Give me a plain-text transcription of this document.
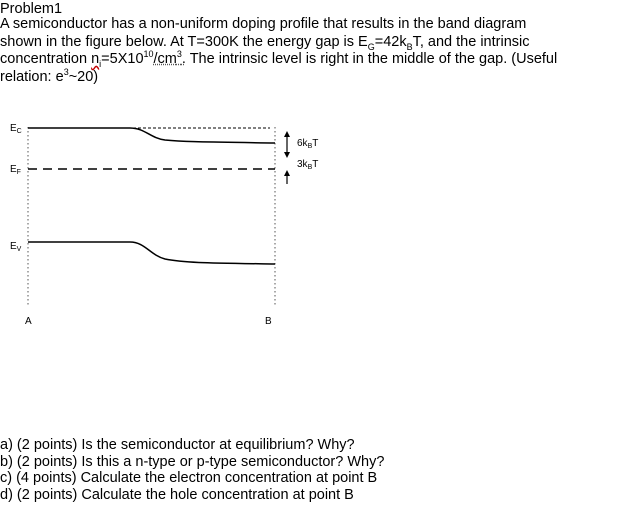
Problem1
A semiconductor has a non-uniform doping profile that results in the band diagram
shown in the figure below. At T=300K the energy gap is $E_G=42k_BT$, and the intrinsic
concentration $n_i=5X10^{10}/cm^3$. The intrinsic level is right in the middle of the gap. (Useful
relation: $e^3\sim 20$)
$E_C$
$E_F$
$E_V$
A	B
$6k_BT$
$3k_BT$
a) (2 points) Is the semiconductor at equilibrium? Why?
b) (2 points) Is this a n-type or p-type semiconductor? Why?
c) (4 points) Calculate the electron concentration at point B
d) (2 points) Calculate the hole concentration at point B
